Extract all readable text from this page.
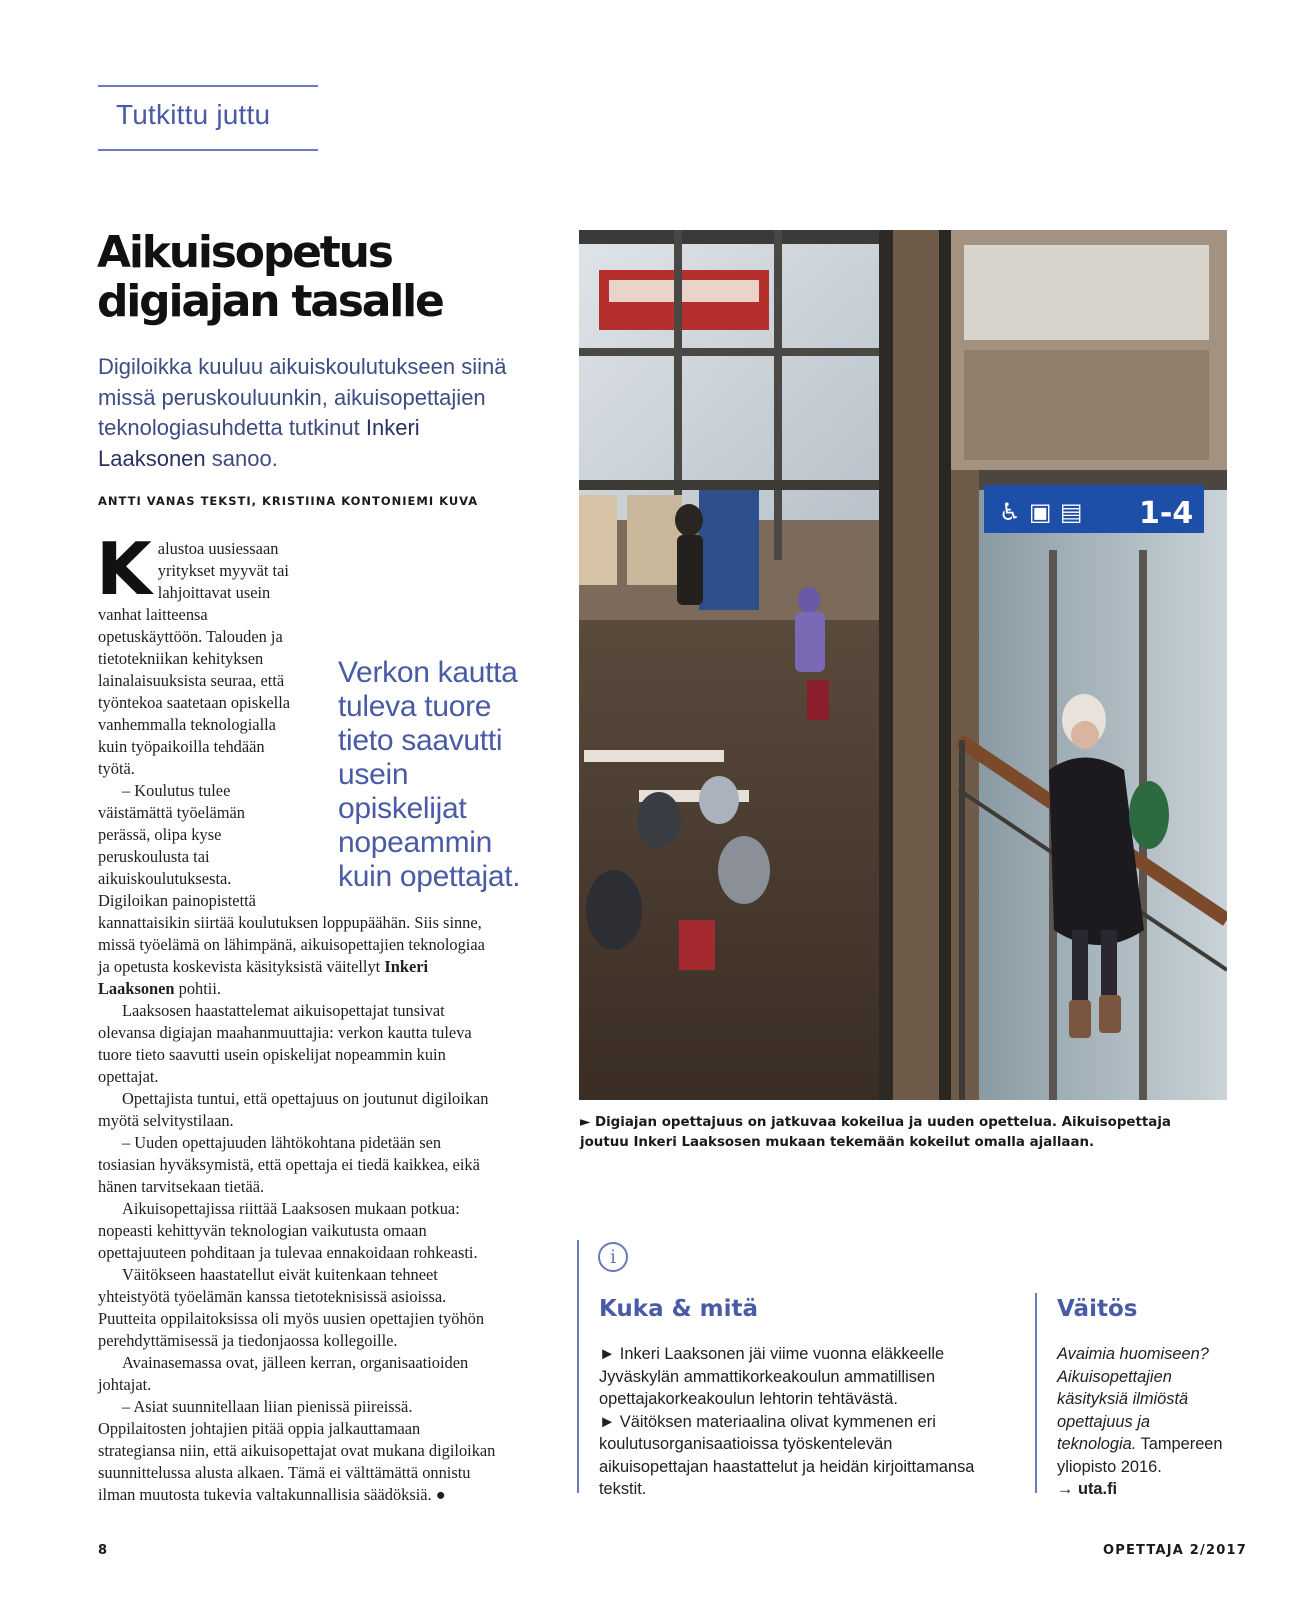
Tutkittu juttu
Aikuisopetus
digiajan tasalle
Digiloikka kuuluu aikuiskoulutukseen siinä missä peruskouluunkin, aikuisopettajien teknologiasuhdetta tutkinut Inkeri Laaksonen sanoo.
ANTTI VANAS TEKSTI, KRISTIINA KONTONIEMI KUVA

Kalustoa uusiessaan yritykset myyvät tai lahjoittavat usein vanhat laitteensa opetuskäyttöön. Talouden ja tietotekniikan kehityksen lainalaisuuksista seuraa, että työntekoa saatetaan opiskella vanhemmalla teknologialla kuin työpaikoilla tehdään työtä.

– Koulutus tulee väistämättä työelämän perässä, olipa kyse peruskoulusta tai aikuiskoulutuksesta. Digiloikan painopistettä kannattaisikin siirtää koulutuksen loppupäähän. Siis sinne, missä työelämä on lähimpänä, aikuisopettajien teknologiaa ja opetusta koskevista käsityksistä väitellyt Inkeri Laaksonen pohtii.

Laaksosen haastattelemat aikuisopettajat tunsivat olevansa digiajan maahanmuuttajia: verkon kautta tuleva tuore tieto saavutti usein opiskelijat nopeammin kuin opettajat.

Opettajista tuntui, että opettajuus on joutunut digiloikan myötä selvitystilaan.

– Uuden opettajuuden lähtökohtana pidetään sen tosiasian hyväksymistä, että opettaja ei tiedä kaikkea, eikä hänen tarvitsekaan tietää.

Aikuisopettajissa riittää Laaksosen mukaan potkua: nopeasti kehittyvän teknologian vaikutusta omaan opettajuuteen pohditaan ja tulevaa ennakoidaan rohkeasti.

Väitökseen haastatellut eivät kuitenkaan tehneet yhteistyötä työelämän kanssa tietoteknisissä asioissa. Puutteita oppilaitoksissa oli myös uusien opettajien työhön perehdyttämisessä ja tiedonjaossa kollegoille.

Avainasemassa ovat, jälleen kerran, organisaatioiden johtajat.

– Asiat suunnitellaan liian pienissä piireissä. Oppilaitosten johtajien pitää oppia jalkauttamaan strategiansa niin, että aikuisopettajat ovat mukana digiloikan suunnittelussa alusta alkaen. Tämä ei välttämättä onnistu ilman muutosta tukevia valtakunnallisia säädöksiä. ●

Verkon kautta tuleva tuore tieto saavutti usein opiskelijat nopeammin kuin opettajat.
♿ ▣ ▤ 1-4
► Digiajan opettajuus on jatkuvaa kokeilua ja uuden opettelua. Aikuisopettaja joutuu Inkeri Laaksosen mukaan tekemään kokeilut omalla ajallaan.
i
Kuka & mitä

► Inkeri Laaksonen jäi viime vuonna eläkkeelle Jyväskylän ammattikorkeakoulun ammatillisen opettajakorkeakoulun lehtorin tehtävästä.

► Väitöksen materiaalina olivat kymmenen eri koulutusorganisaatioissa työskentelevän aikuisopettajan haastattelut ja heidän kirjoittamansa tekstit.

Väitös
Avaimia huomiseen? Aikuisopettajien käsityksiä ilmiöstä opettajuus ja teknologia. Tampereen yliopisto 2016.
→ uta.fi
8	OPETTAJA 2/2017
